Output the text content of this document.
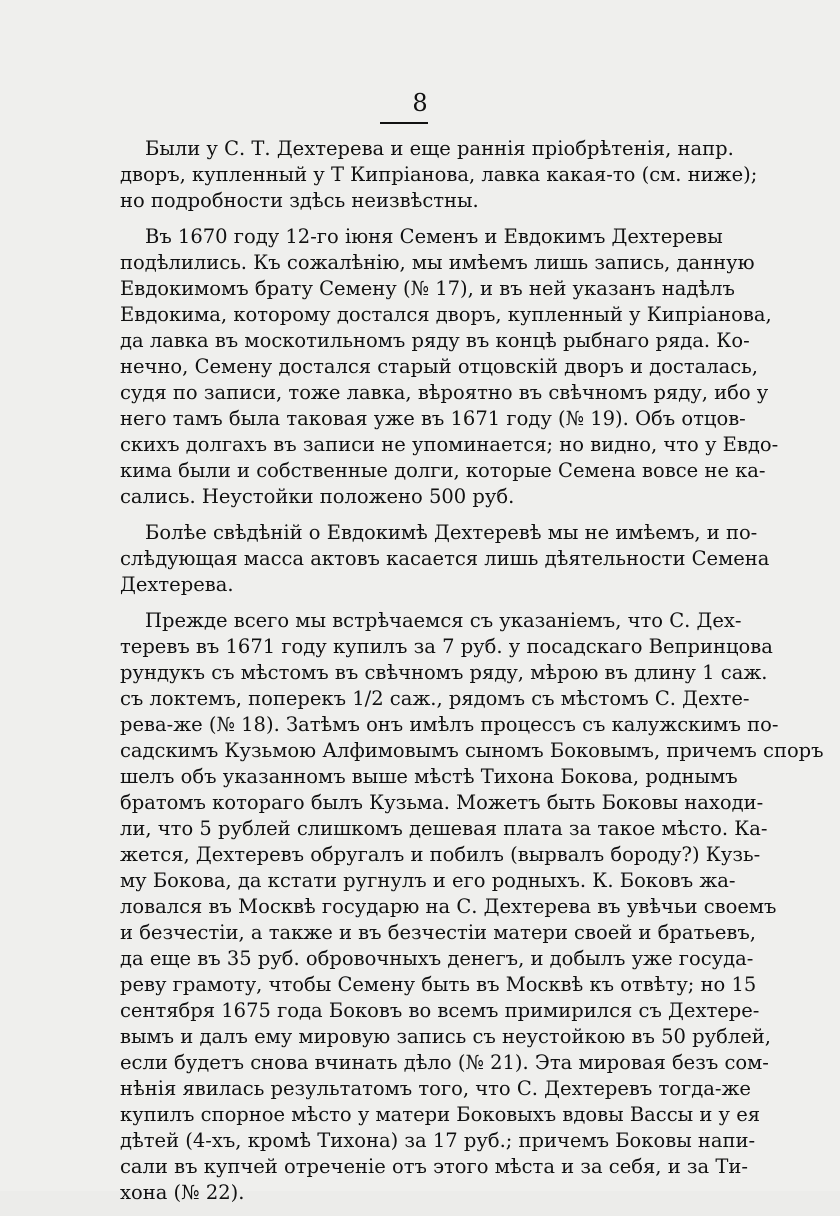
8
Были у С. Т. Дехтерева и еще раннія пріобрѣтенія, напр.
дворъ, купленный у Т Кипріанова, лавка какая-то (см. ниже);
но подробности здѣсь неизвѣстны.
Въ 1670 году 12-го іюня Семенъ и Евдокимъ Дехтеревы
подѣлились. Къ сожалѣнію, мы имѣемъ лишь запись, данную
Евдокимомъ брату Семену (№ 17), и въ ней указанъ надѣлъ
Евдокима, которому достался дворъ, купленный у Кипріанова,
да лавка въ москотильномъ ряду въ концѣ рыбнаго ряда. Ко-
нечно, Семену достался старый отцовскій дворъ и досталась,
судя по записи, тоже лавка, вѣроятно въ свѣчномъ ряду, ибо у
него тамъ была таковая уже въ 1671 году (№ 19). Объ отцов-
скихъ долгахъ въ записи не упоминается; но видно, что у Евдо-
кима были и собственные долги, которые Семена вовсе не ка-
сались. Неустойки положено 500 руб.
Болѣе свѣдѣній о Евдокимѣ Дехтеревѣ мы не имѣемъ, и по-
слѣдующая масса актовъ касается лишь дѣятельности Семена
Дехтерева.
Прежде всего мы встрѣчаемся съ указаніемъ, что С. Дех-
теревъ въ 1671 году купилъ за 7 руб. у посадскаго Вепринцова
рундукъ съ мѣстомъ въ свѣчномъ ряду, мѣрою въ длину 1 саж.
съ локтемъ, поперекъ 1/2 саж., рядомъ съ мѣстомъ С. Дехте-
рева-же (№ 18). Затѣмъ онъ имѣлъ процессъ съ калужскимъ по-
садскимъ Кузьмою Алфимовымъ сыномъ Боковымъ, причемъ споръ
шелъ объ указанномъ выше мѣстѣ Тихона Бокова, роднымъ
братомъ котораго былъ Кузьма. Можетъ быть Боковы находи-
ли, что 5 рублей слишкомъ дешевая плата за такое мѣсто. Ка-
жется, Дехтеревъ обругалъ и побилъ (вырвалъ бороду?) Кузь-
му Бокова, да кстати ругнулъ и его родныхъ. К. Боковъ жа-
ловался въ Москвѣ государю на С. Дехтерева въ увѣчьи своемъ
и безчестіи, а также и въ безчестіи матери своей и братьевъ,
да еще въ 35 руб. обровочныхъ денегъ, и добылъ уже госуда-
реву грамоту, чтобы Семену быть въ Москвѣ къ отвѣту; но 15
сентября 1675 года Боковъ во всемъ примирился съ Дехтере-
вымъ и далъ ему мировую запись съ неустойкою въ 50 рублей,
если будетъ снова вчинать дѣло (№ 21). Эта мировая безъ сом-
нѣнія явилась результатомъ того, что С. Дехтеревъ тогда-же
купилъ спорное мѣсто у матери Боковыхъ вдовы Вассы и у ея
дѣтей (4-хъ, кромѣ Тихона) за 17 руб.; причемъ Боковы напи-
сали въ купчей отреченіе отъ этого мѣста и за себя, и за Ти-
хона (№ 22).
